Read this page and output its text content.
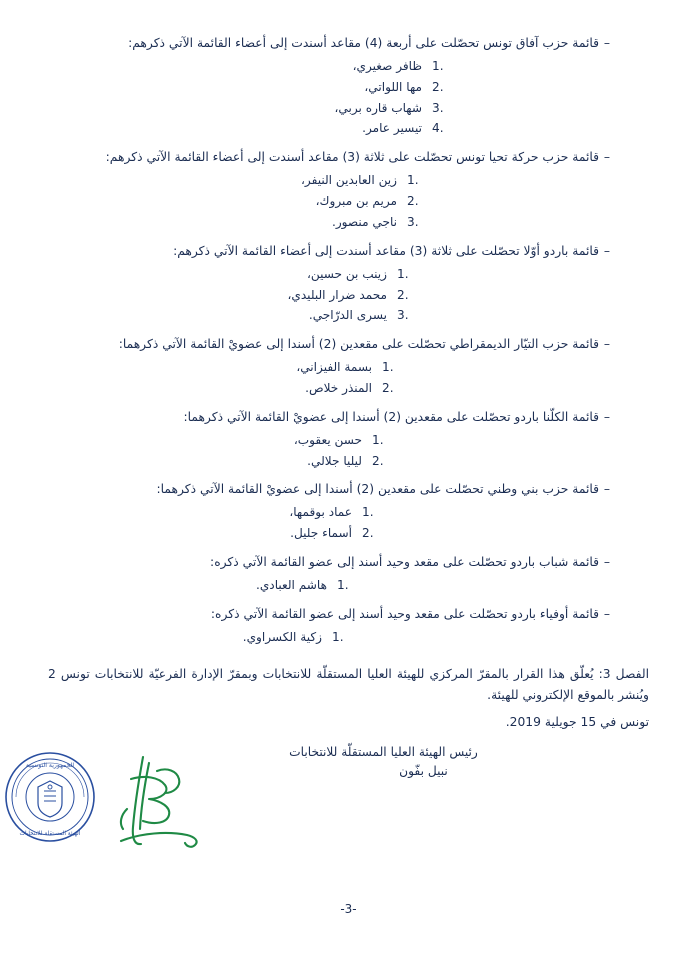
–
قائمة حزب آفاق تونس تحصّلت على أربعة (4) مقاعد أسندت إلى أعضاء القائمة الآتي ذكرهم:
1.
ظافر صغيري،
2.
مها اللواتي،
3.
شهاب قاره بربي،
4.
تيسير عامر.
–
قائمة حزب حركة تحيا تونس تحصّلت على ثلاثة (3) مقاعد أسندت إلى أعضاء القائمة الآتي ذكرهم:
1.
زين العابدين النيفر،
2.
مريم بن مبروك،
3.
ناجي منصور.
–
قائمة باردو أوّلا تحصّلت على ثلاثة (3) مقاعد أسندت إلى أعضاء القائمة الآتي ذكرهم:
1.
زينب بن حسين،
2.
محمد ضرار البليدي،
3.
يسرى الدرّاجي.
–
قائمة حزب التيّار الديمقراطي تحصّلت على مقعدين (2) أسندا إلى عضويْ القائمة الآتي ذكرهما:
1.
بسمة الفيزاني،
2.
المنذر خلاص.
–
قائمة الكلّنا باردو تحصّلت على مقعدين (2) أسندا إلى عضويْ القائمة الآتي ذكرهما:
1.
حسن يعقوب،
2.
ليليا جلالي.
–
قائمة حزب بني وطني تحصّلت على مقعدين (2) أسندا إلى عضويْ القائمة الآتي ذكرهما:
1.
عماد بوقمها،
2.
أسماء جليل.
–
قائمة شباب باردو تحصّلت على مقعد وحيد أسند إلى عضو القائمة الآتي ذكره:
1.
هاشم العبادي.
–
قائمة أوفياء باردو تحصّلت على مقعد وحيد أسند إلى عضو القائمة الآتي ذكره:
1.
زكية الكسراوي.
الفصل 3: يُعلّق هذا القرار بالمقرّ المركزي للهيئة العليا المستقلّة للانتخابات وبمقرّ الإدارة الفرعيّة للانتخابات تونس 2 ويُنشر بالموقع الإلكتروني للهيئة.
تونس في 15 جويلية 2019.
رئيس الهيئة العليا المستقلّة للانتخابات
نبيل بفّون
الجمهورية التونسية
الهيئة المستقلة للانتخابات
-3-
